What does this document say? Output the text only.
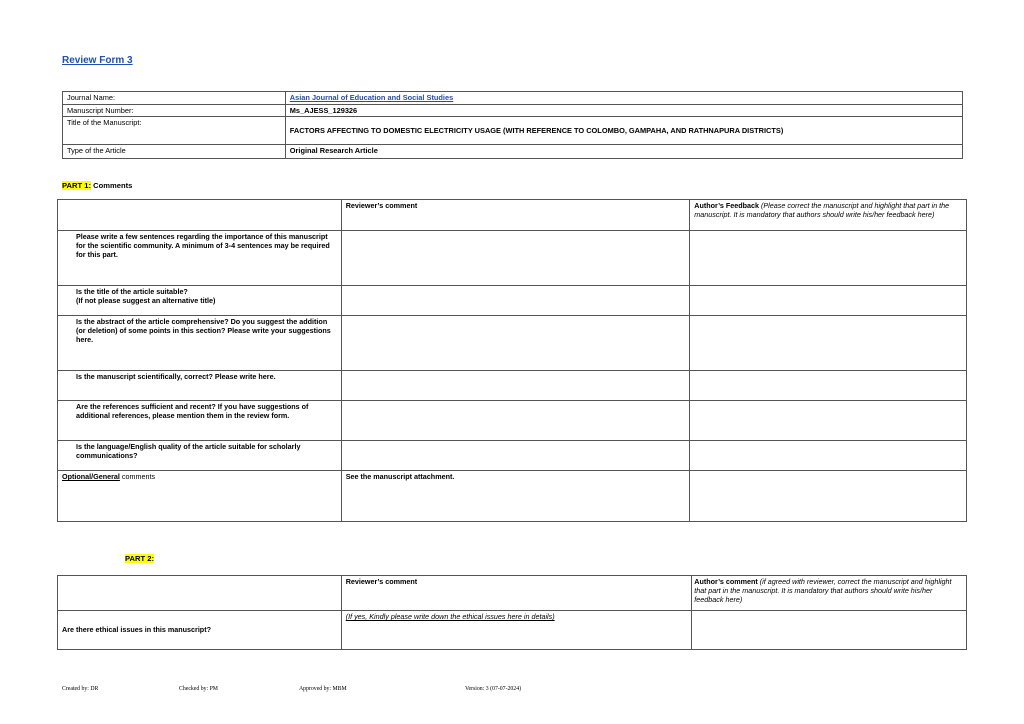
Review Form 3
Journal Name:	Asian Journal of Education and Social Studies
Manuscript Number:	Ms_AJESS_129326
Title of the Manuscript:	FACTORS AFFECTING TO DOMESTIC ELECTRICITY USAGE (WITH REFERENCE TO COLOMBO, GAMPAHA, AND RATHNAPURA DISTRICTS)
Type of the Article	Original Research Article
PART 1: Comments
	Reviewer’s comment	Author’s Feedback (Please correct the manuscript and highlight that part in the manuscript. It is mandatory that authors should write his/her feedback here)
Please write a few sentences regarding the importance of this manuscript for the scientific community. A minimum of 3-4 sentences may be required for this part.		
Is the title of the article suitable?
(If not please suggest an alternative title)		
Is the abstract of the article comprehensive? Do you suggest the addition (or deletion) of some points in this section? Please write your suggestions here.		
Is the manuscript scientifically, correct? Please write here.		
Are the references sufficient and recent? If you have suggestions of additional references, please mention them in the review form.		
Is the language/English quality of the article suitable for scholarly communications?		
Optional/General comments	See the manuscript attachment.	
PART 2:
	Reviewer’s comment	Author’s comment (if agreed with reviewer, correct the manuscript and highlight that part in the manuscript. It is mandatory that authors should write his/her feedback here)
Are there ethical issues in this manuscript?	(If yes, Kindly please write down the ethical issues here in details)	
Created by: DR	Checked by: PM	Approved by: MBM	Version: 3 (07-07-2024)
